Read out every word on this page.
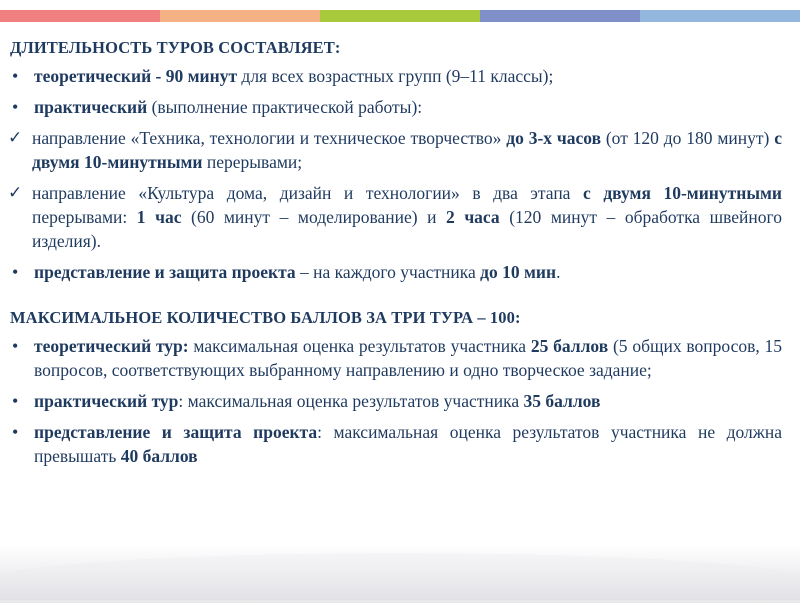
ДЛИТЕЛЬНОСТЬ ТУРОВ СОСТАВЛЯЕТ:
• теоретический - 90 минут для всех возрастных групп (9–11 классы);
• практический (выполнение практической работы):
✓ направление «Техника, технологии и техническое творчество» до 3-х часов (от 120 до 180 минут) с двумя 10-минутными перерывами;
✓ направление «Культура дома, дизайн и технологии» в два этапа с двумя 10-минутными перерывами: 1 час (60 минут – моделирование) и 2 часа (120 минут – обработка швейного изделия).
• представление и защита проекта – на каждого участника до 10 мин.
МАКСИМАЛЬНОЕ КОЛИЧЕСТВО БАЛЛОВ ЗА ТРИ ТУРА – 100:
• теоретический тур: максимальная оценка результатов участника 25 баллов (5 общих вопросов, 15 вопросов, соответствующих выбранному направлению и одно творческое задание;
• практический тур: максимальная оценка результатов участника 35 баллов
• представление и защита проекта: максимальная оценка результатов участника не должна превышать 40 баллов
